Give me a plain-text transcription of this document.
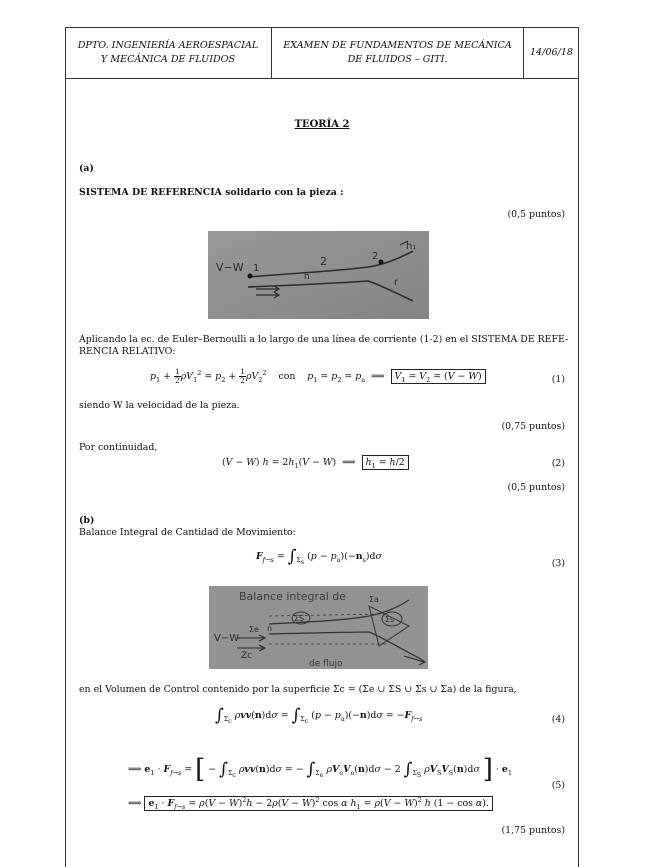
DPTO. INGENIERÍA AEROESPACIAL
Y MECÁNICA DE FLUIDOS
EXAMEN DE FUNDAMENTOS DE MECÁNICA
DE FLUIDOS – GITI.
14/06/18
TEORÍA 2
(a)
SISTEMA DE REFERENCIA solidario con la pieza :
(0,5 puntos)
V−W 1
2	2
h
h₁
r
Aplicando la ec. de Euler–Bernoulli a lo largo de una línea de corriente (1-2) en el SISTEMA DE REFE-
RENCIA RELATIVO:
$p_1 + \frac{1}{2} \rho V_1^2 = p_2 + \frac{1}{2} \rho V_2^2$ con $p_1 = p_2 = p_a$  ⟹  $V_1 = V_2 = (V - W)$	(1)
siendo W la velocidad de la pieza.
(0,75 puntos)
Por continuidad,
(V − W) $h = 2h_1(V - W)$  ⟹  $h_1 = h/2$	(2)
(0,5 puntos)
(b)
Balance Integral de Cantidad de Movimiento:
$F_{f\to s} = \int_{\Sigma_s}$ $(p - p_a)(-n_s)d\sigma$
(3)
Balance integral de
V−W
ΣS
Σe n
Σs
Σa
Zc
de flujo
en el Volumen de Control contenido por la superficie Σc = (Σe ∪ ΣS ∪ Σs ∪ Σa) de la figura,
$\int_{\Sigma_c}$ $\rho vv(n)d\sigma = \int_{\Sigma_c}$ $(p - p_a)(-n)d\sigma = -F_{f\to s}$	(4)
⟹ $e_1 \cdot F_{f\to s}$ = [ − $\int_{\Sigma_c}$ ρvv(n)dσ = − $\int_{\Sigma_e}$ $\rho V_eV_e(n)d\sigma - 2$ $\int_{\Sigma_S}$ $\rho V_SV_S(n)d\sigma$ ] · $e_1$
(5)
⟺ $e_1 \cdot F_{f\to s} = \rho(V - W)^2h - 2\rho(V - W)^2$ cos α $h_1 = \rho(V - W)^2$ h (1 − cos α).
(1,75 puntos)
